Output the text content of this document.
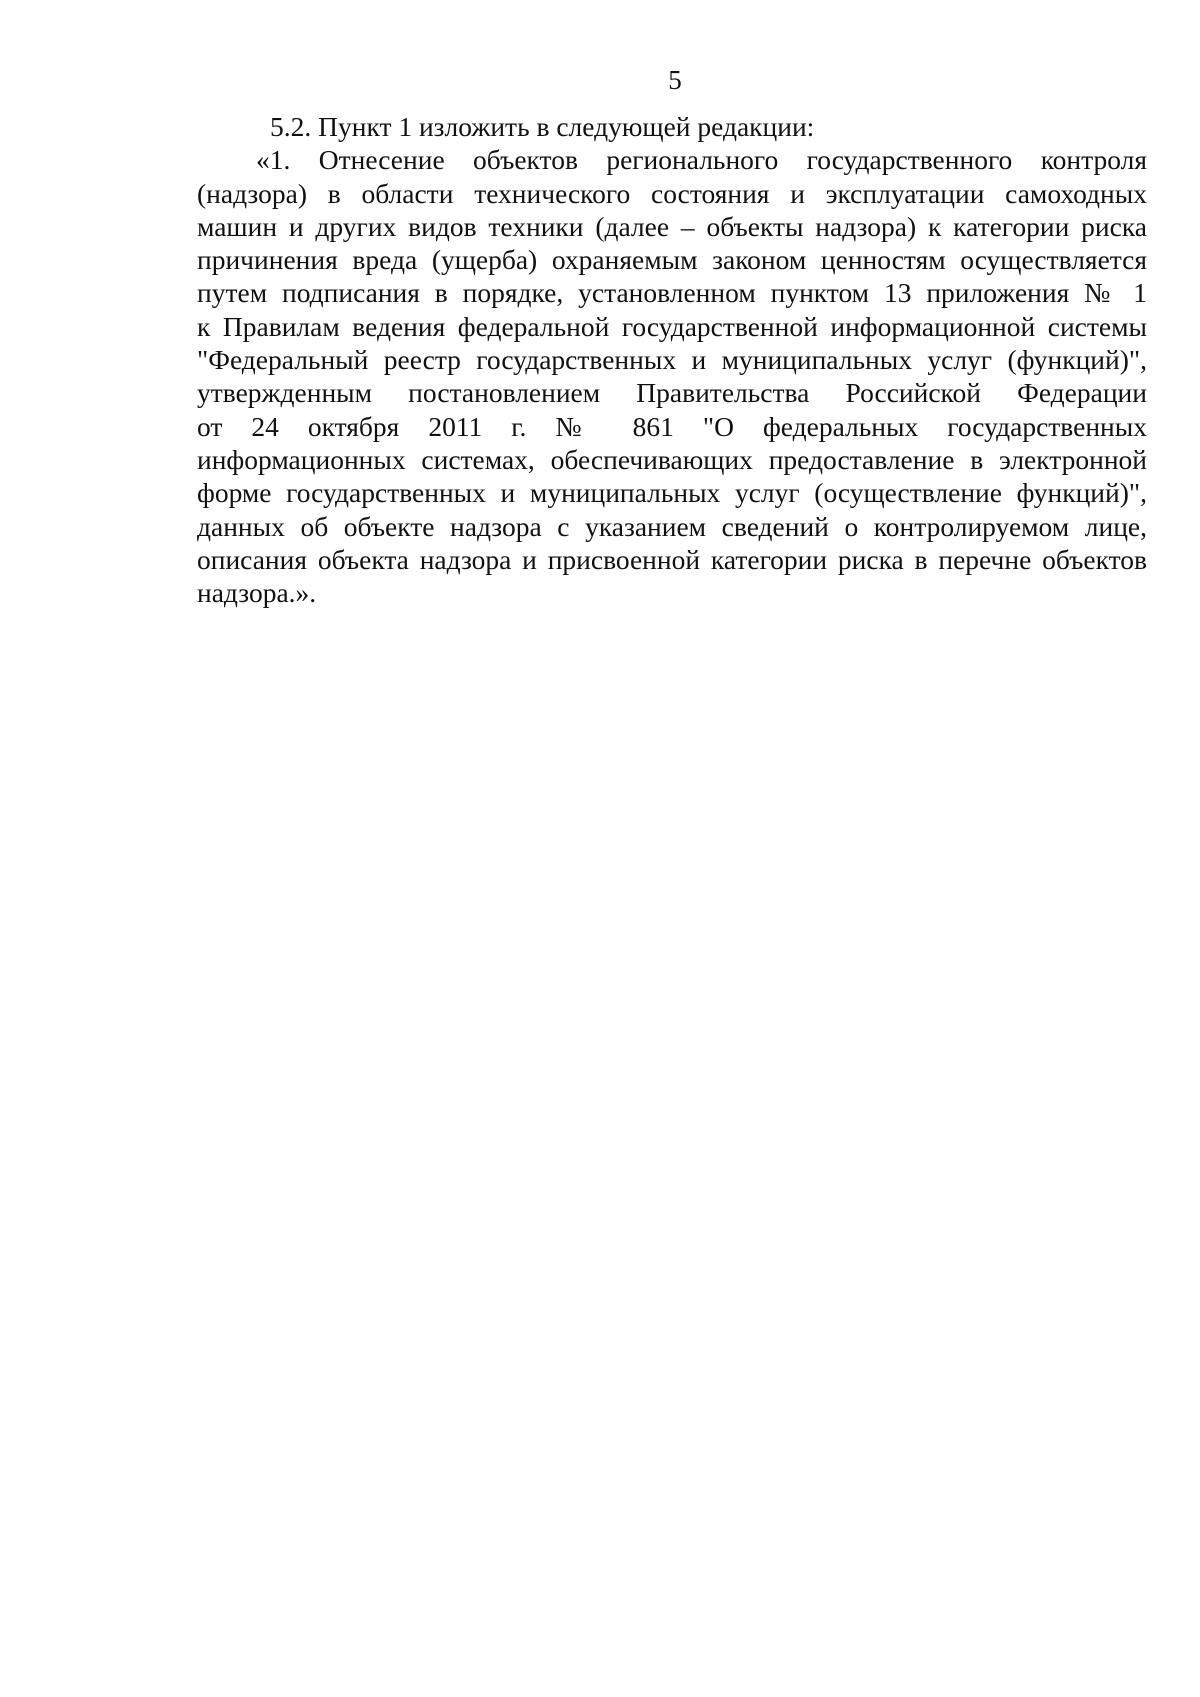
5

5.2. Пункт 1 изложить в следующей редакции:

«1. Отнесение объектов регионального государственного контроля
(надзора) в области технического состояния и эксплуатации самоходных
машин и других видов техники (далее – объекты надзора) к категории риска
причинения вреда (ущерба) охраняемым законом ценностям осуществляется
путем подписания в порядке, установленном пунктом 13 приложения № 1
к Правилам ведения федеральной государственной информационной системы
"Федеральный реестр государственных и муниципальных услуг (функций)",
утвержденным постановлением Правительства Российской Федерации
от 24 октября 2011 г. № 861 "О федеральных государственных
информационных системах, обеспечивающих предоставление в электронной
форме государственных и муниципальных услуг (осуществление функций)",
данных об объекте надзора с указанием сведений о контролируемом лице,
описания объекта надзора и присвоенной категории риска в перечне объектов
надзора.».
